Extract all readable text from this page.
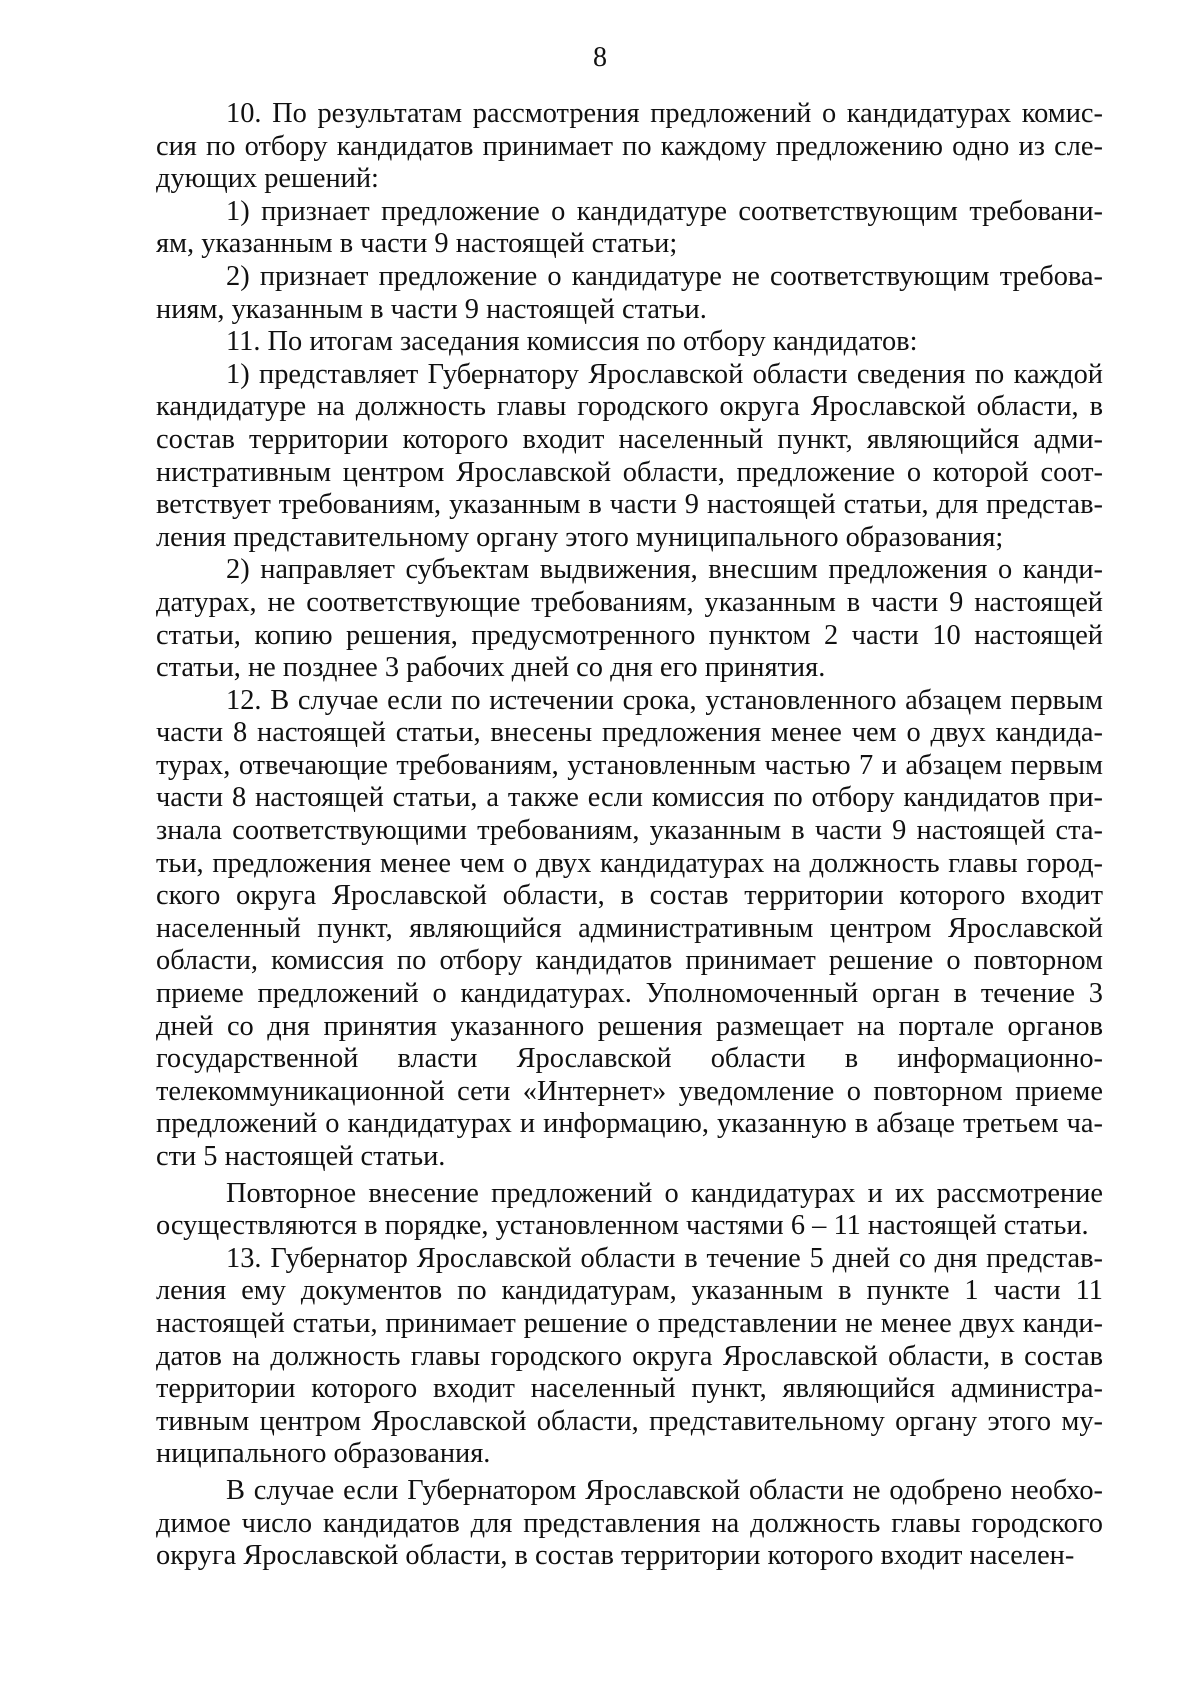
8

10. По результатам рассмотрения предложений о кандидатурах комиссия по отбору кандидатов принимает по каждому предложению одно из следующих решений:

1) признает предложение о кандидатуре соответствующим требованиям, указанным в части 9 настоящей статьи;

2) признает предложение о кандидатуре не соответствующим требованиям, указанным в части 9 настоящей статьи.

11. По итогам заседания комиссия по отбору кандидатов:

1) представляет Губернатору Ярославской области сведения по каждой кандидатуре на должность главы городского округа Ярославской области, в состав территории которого входит населенный пункт, являющийся административным центром Ярославской области, предложение о которой соответствует требованиям, указанным в части 9 настоящей статьи, для представления представительному органу этого муниципального образования;

2) направляет субъектам выдвижения, внесшим предложения о кандидатурах, не соответствующие требованиям, указанным в части 9 настоящей статьи, копию решения, предусмотренного пунктом 2 части 10 настоящей статьи, не позднее 3 рабочих дней со дня его принятия.

12. В случае если по истечении срока, установленного абзацем первым части 8 настоящей статьи, внесены предложения менее чем о двух кандидатурах, отвечающие требованиям, установленным частью 7 и абзацем первым части 8 настоящей статьи, а также если комиссия по отбору кандидатов признала соответствующими требованиям, указанным в части 9 настоящей статьи, предложения менее чем о двух кандидатурах на должность главы городского округа Ярославской области, в состав территории которого входит населенный пункт, являющийся административным центром Ярославской области, комиссия по отбору кандидатов принимает решение о повторном приеме предложений о кандидатурах. Уполномоченный орган в течение 3 дней со дня принятия указанного решения размещает на портале органов государственной власти Ярославской области в информационно-телекоммуникационной сети «Интернет» уведомление о повторном приеме предложений о кандидатурах и информацию, указанную в абзаце третьем части 5 настоящей статьи.

Повторное внесение предложений о кандидатурах и их рассмотрение осуществляются в порядке, установленном частями 6 – 11 настоящей статьи.

13. Губернатор Ярославской области в течение 5 дней со дня представления ему документов по кандидатурам, указанным в пункте 1 части 11 настоящей статьи, принимает решение о представлении не менее двух кандидатов на должность главы городского округа Ярославской области, в состав территории которого входит населенный пункт, являющийся административным центром Ярославской области, представительному органу этого муниципального образования.

В случае если Губернатором Ярославской области не одобрено необходимое число кандидатов для представления на должность главы городского округа Ярославской области, в состав территории которого входит населен-
